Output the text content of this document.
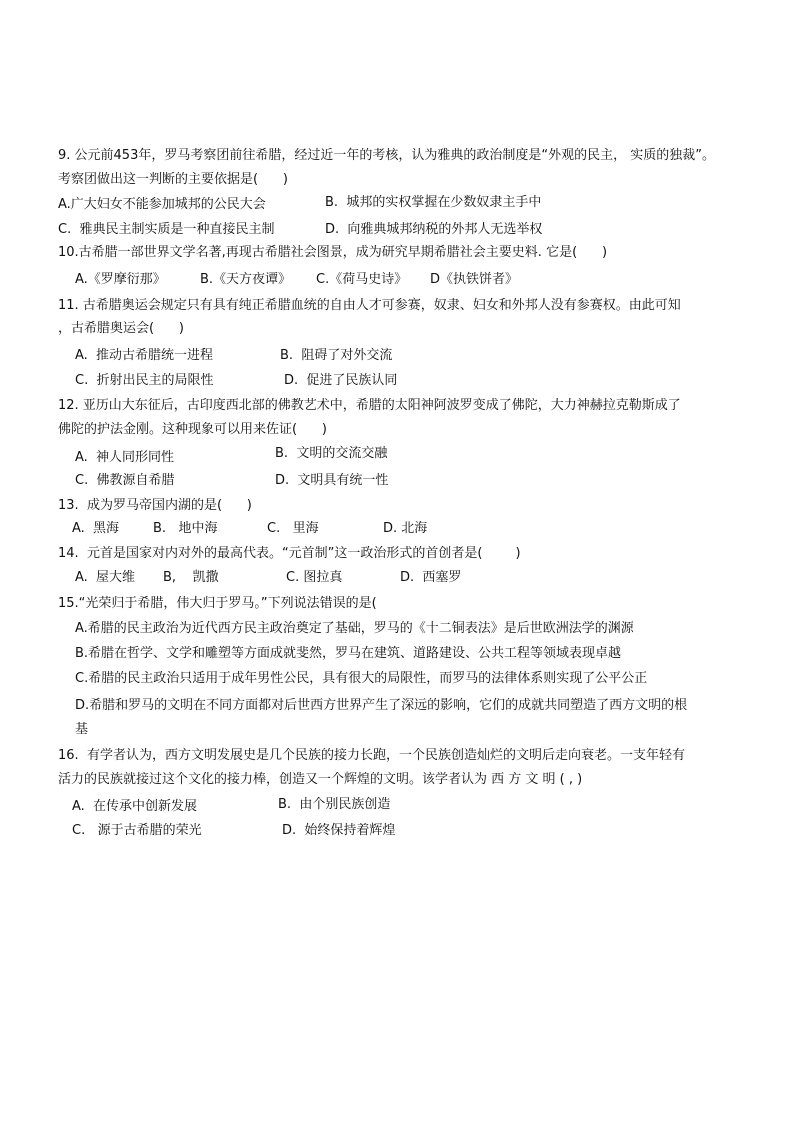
9. 公元前453年，罗马考察团前往希腊，经过近一年的考核，认为雅典的政治制度是“外观的民主， 实质的独裁”。
考察团做出这一判断的主要依据是(      )
A.广大妇女不能参加城邦的公民大会	B.  城邦的实权掌握在少数奴隶主手中
C.  雅典民主制实质是一种直接民主制	D.  向雅典城邦纳税的外邦人无选举权
10.古希腊一部世界文学名著,再现古希腊社会图景，成为研究早期希腊社会主要史料. 它是(      )
A.《罗摩衍那》	B.《天方夜谭》 C.《荷马史诗》 D《执铁饼者》
11. 古希腊奥运会规定只有具有纯正希腊血统的自由人才可参赛，奴隶、妇女和外邦人没有参赛权。由此可知
，古希腊奥运会(      )
A.  推动古希腊统一进程	B.  阻碍了对外交流
C.  折射出民主的局限性	D.  促进了民族认同
12. 亚历山大东征后，古印度西北部的佛教艺术中，希腊的太阳神阿波罗变成了佛陀，大力神赫拉克勒斯成了
佛陀的护法金刚。这种现象可以用来佐证(      )
A.  神人同形同性	B.  文明的交流交融
C.  佛教源自希腊	D.  文明具有统一性
13.  成为罗马帝国内湖的是(      )
A.  黑海	B.   地中海	C.   里海	D. 北海
14.  元首是国家对内对外的最高代表。“元首制”这一政治形式的首创者是(        )
A.  屋大维 B,    凯撒	C. 图拉真	D.  西塞罗
15.“光荣归于希腊，伟大归于罗马。”下列说法错误的是(
A.希腊的民主政治为近代西方民主政治奠定了基础，罗马的《十二铜表法》是后世欧洲法学的渊源
B.希腊在哲学、文学和雕塑等方面成就斐然，罗马在建筑、道路建设、公共工程等领域表现卓越
C.希腊的民主政治只适用于成年男性公民，具有很大的局限性，而罗马的法律体系则实现了公平公正
D.希腊和罗马的文明在不同方面都对后世西方世界产生了深远的影响，它们的成就共同塑造了西方文明的根
基
16.  有学者认为，西方文明发展史是几个民族的接力长跑，一个民族创造灿烂的文明后走向衰老。一支年轻有
活力的民族就接过这个文化的接力棒，创造又一个辉煌的文明。该学者认为 西 方 文 明 ( , )
A.  在传承中创新发展	B.  由个别民族创造
C.   源于古希腊的荣光	D.  始终保持着辉煌
